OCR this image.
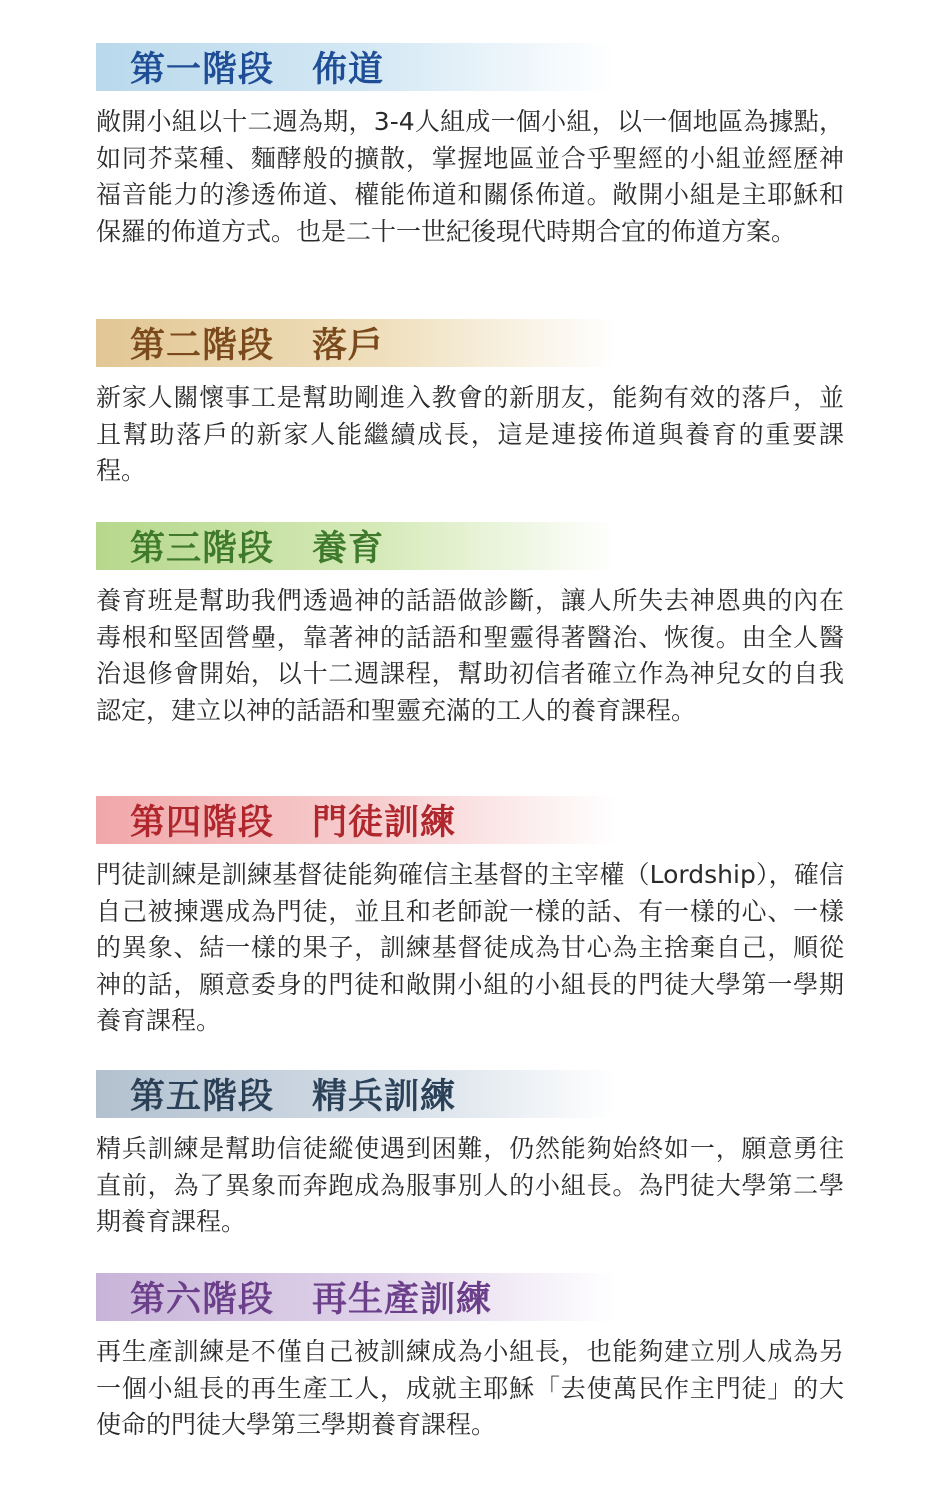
第一階段 佈道

敞開小組以十二週為期，3-4人組成一個小組，以一個地區為據點，如同芥菜種、麵酵般的擴散，掌握地區並合乎聖經的小組並經歷神福音能力的滲透佈道、權能佈道和關係佈道。敞開小組是主耶穌和保羅的佈道方式。也是二十一世紀後現代時期合宜的佈道方案。

第二階段 落戶

新家人關懷事工是幫助剛進入教會的新朋友，能夠有效的落戶，並且幫助落戶的新家人能繼續成長，這是連接佈道與養育的重要課程。

第三階段 養育

養育班是幫助我們透過神的話語做診斷，讓人所失去神恩典的內在毒根和堅固營壘，靠著神的話語和聖靈得著醫治、恢復。由全人醫治退修會開始，以十二週課程，幫助初信者確立作為神兒女的自我認定，建立以神的話語和聖靈充滿的工人的養育課程。

第四階段 門徒訓練

門徒訓練是訓練基督徒能夠確信主基督的主宰權（Lordship），確信自己被揀選成為門徒，並且和老師說一樣的話、有一樣的心、一樣的異象、結一樣的果子，訓練基督徒成為甘心為主捨棄自己，順從神的話，願意委身的門徒和敞開小組的小組長的門徒大學第一學期養育課程。

第五階段 精兵訓練

精兵訓練是幫助信徒縱使遇到困難，仍然能夠始終如一，願意勇往直前，為了異象而奔跑成為服事別人的小組長。為門徒大學第二學期養育課程。

第六階段 再生產訓練

再生產訓練是不僅自己被訓練成為小組長，也能夠建立別人成為另一個小組長的再生產工人，成就主耶穌「去使萬民作主門徒」的大使命的門徒大學第三學期養育課程。
